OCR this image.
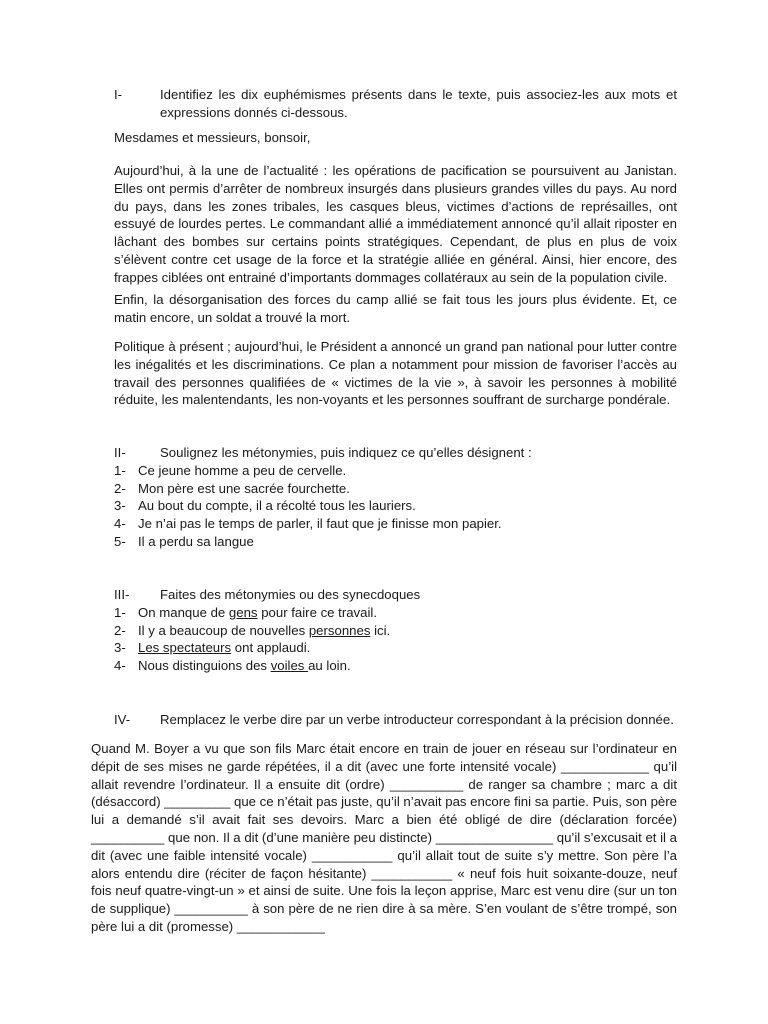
I-	Identifiez les dix euphémismes présents dans le texte, puis associez-les aux mots et expressions donnés ci-dessous.

Mesdames et messieurs, bonsoir,

Aujourd’hui, à la une de l’actualité : les opérations de pacification se poursuivent au Janistan. Elles ont permis d’arrêter de nombreux insurgés dans plusieurs grandes villes du pays. Au nord du pays, dans les zones tribales, les casques bleus, victimes d’actions de représailles, ont essuyé de lourdes pertes. Le commandant allié a immédiatement annoncé qu’il allait riposter en lâchant des bombes sur certains points stratégiques. Cependant, de plus en plus de voix s’élèvent contre cet usage de la force et la stratégie alliée en général. Ainsi, hier encore, des frappes ciblées ont entrainé d’importants dommages collatéraux au sein de la population civile.

Enfin, la désorganisation des forces du camp allié se fait tous les jours plus évidente. Et, ce matin encore, un soldat a trouvé la mort.

Politique à présent ; aujourd’hui, le Président a annoncé un grand pan national pour lutter contre les inégalités et les discriminations. Ce plan a notamment pour mission de favoriser l’accès au travail des personnes qualifiées de « victimes de la vie », à savoir les personnes à mobilité réduite, les malentendants, les non-voyants et les personnes souffrant de surcharge pondérale.

II-	Soulignez les métonymies, puis indiquez ce qu’elles désignent :
1- Ce jeune homme a peu de cervelle.
2- Mon père est une sacrée fourchette.
3- Au bout du compte, il a récolté tous les lauriers.
4- Je n’ai pas le temps de parler, il faut que je finisse mon papier.
5- Il a perdu sa langue
III-	Faites des métonymies ou des synecdoques
1- On manque de gens pour faire ce travail.
2- Il y a beaucoup de nouvelles personnes ici.
3- Les spectateurs ont applaudi.
4- Nous distinguions des voiles au loin.
IV-	Remplacez le verbe dire par un verbe introducteur correspondant à la précision donnée.

Quand M. Boyer a vu que son fils Marc était encore en train de jouer en réseau sur l’ordinateur en dépit de ses mises ne garde répétées, il a dit (avec une forte intensité vocale) ____________ qu’il allait revendre l’ordinateur. Il a ensuite dit (ordre) __________ de ranger sa chambre ; marc a dit (désaccord) _________ que ce n’était pas juste, qu’il n’avait pas encore fini sa partie. Puis, son père lui a demandé s’il avait fait ses devoirs. Marc a bien été obligé de dire (déclaration forcée) __________ que non. Il a dit (d’une manière peu distincte) ________________ qu’il s’excusait et il a dit (avec une faible intensité vocale) ___________ qu’il allait tout de suite s’y mettre. Son père l’a alors entendu dire (réciter de façon hésitante) ___________ « neuf fois huit soixante-douze, neuf fois neuf quatre-vingt-un » et ainsi de suite. Une fois la leçon apprise, Marc est venu dire (sur un ton de supplique) __________ à son père de ne rien dire à sa mère. S’en voulant de s’être trompé, son père lui a dit (promesse) ____________
